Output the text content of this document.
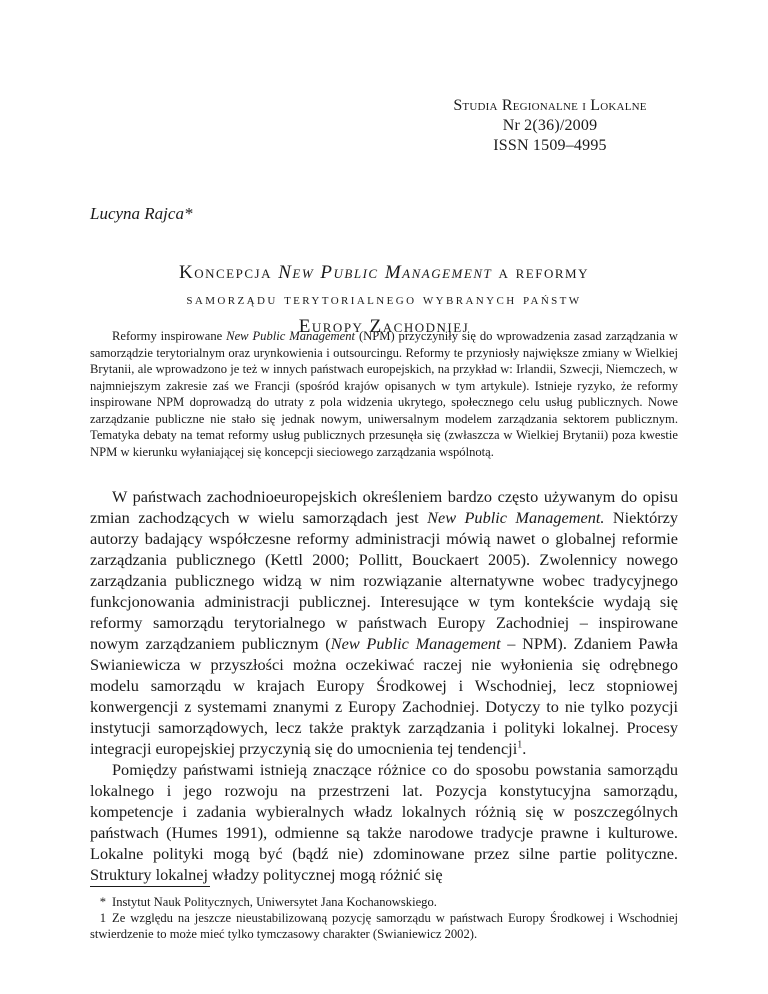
Studia Regionalne i Lokalne
Nr 2(36)/2009
ISSN 1509–4995
Lucyna Rajca*
Koncepcja New Public Management a reformy
samorządu terytorialnego wybranych państw
Europy Zachodniej
Reformy inspirowane New Public Management (NPM) przyczyniły się do wprowadzenia zasad zarządzania w samorządzie terytorialnym oraz urynkowienia i outsourcingu. Reformy te przyniosły największe zmiany w Wielkiej Brytanii, ale wprowadzono je też w innych państwach europejskich, na przykład w: Irlandii, Szwecji, Niemczech, w najmniejszym zakresie zaś we Francji (spośród krajów opisanych w tym artykule). Istnieje ryzyko, że reformy inspirowane NPM doprowadzą do utraty z pola widzenia ukrytego, społecznego celu usług publicznych. Nowe zarządzanie publiczne nie stało się jednak nowym, uniwersalnym modelem zarządzania sektorem publicznym. Tematyka debaty na temat reformy usług publicznych przesunęła się (zwłaszcza w Wielkiej Brytanii) poza kwestie NPM w kierunku wyłaniającej się koncepcji sieciowego zarządzania wspólnotą.

W państwach zachodnioeuropejskich określeniem bardzo często używanym do opisu zmian zachodzących w wielu samorządach jest New Public Management. Niektórzy autorzy badający współczesne reformy administracji mówią nawet o globalnej reformie zarządzania publicznego (Kettl 2000; Pollitt, Bouckaert 2005). Zwolennicy nowego zarządzania publicznego widzą w nim rozwiązanie alternatywne wobec tradycyjnego funkcjonowania administracji publicznej. Interesujące w tym kontekście wydają się reformy samorządu terytorialnego w państwach Europy Zachodniej – inspirowane nowym zarządzaniem publicznym (New Public Management – NPM). Zdaniem Pawła Swianiewicza w przyszłości można oczekiwać raczej nie wyłonienia się odrębnego modelu samorządu w krajach Europy Środkowej i Wschodniej, lecz stopniowej konwergencji z systemami znanymi z Europy Zachodniej. Dotyczy to nie tylko pozycji instytucji samorządowych, lecz także praktyk zarządzania i polityki lokalnej. Procesy integracji europejskiej przyczynią się do umocnienia tej tendencji$^1$.

Pomiędzy państwami istnieją znaczące różnice co do sposobu powstania samorządu lokalnego i jego rozwoju na przestrzeni lat. Pozycja konstytucyjna samorządu, kompetencje i zadania wybieralnych władz lokalnych różnią się w poszczególnych państwach (Humes 1991), odmienne są także narodowe tradycje prawne i kulturowe. Lokalne polityki mogą być (bądź nie) zdominowane przez silne partie polityczne. Struktury lokalnej władzy politycznej mogą różnić się

* Instytut Nauk Politycznych, Uniwersytet Jana Kochanowskiego.

1 Ze względu na jeszcze nieustabilizowaną pozycję samorządu w państwach Europy Środkowej i Wschodniej stwierdzenie to może mieć tylko tymczasowy charakter (Swianiewicz 2002).
